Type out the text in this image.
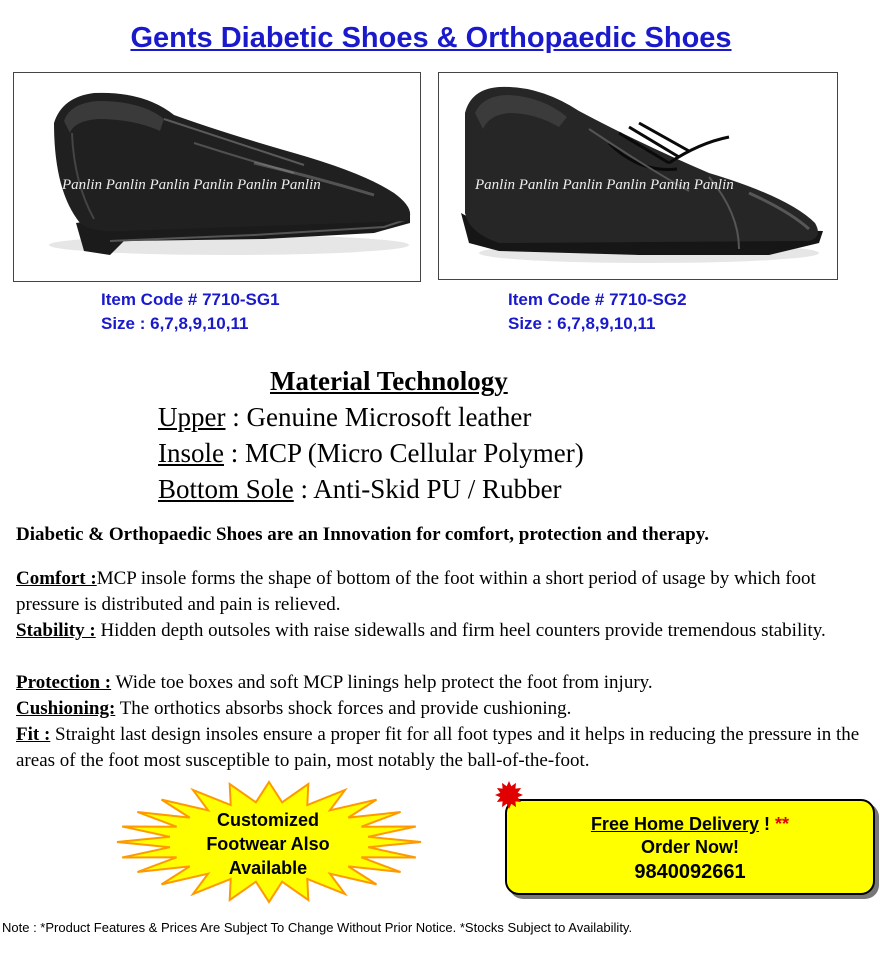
Gents Diabetic Shoes & Orthopaedic Shoes
Panlin Panlin Panlin Panlin Panlin Panlin	Panlin Panlin Panlin Panlin Panlin Panlin
Item Code # 7710-SG1
Size : 6,7,8,9,10,11
Item Code # 7710-SG2
Size : 6,7,8,9,10,11
Material Technology
Upper : Genuine Microsoft leather
Insole : MCP (Micro Cellular Polymer)
Bottom Sole : Anti-Skid PU / Rubber
Diabetic & Orthopaedic Shoes are an Innovation for comfort, protection and therapy.
Comfort :MCP insole forms the shape of bottom of the foot within a short period of usage by which foot pressure is distributed and pain is relieved.
Stability : Hidden depth outsoles with raise sidewalls and firm heel counters provide tremendous stability.
Protection : Wide toe boxes and soft MCP linings help protect the foot from injury.
Cushioning: The orthotics absorbs shock forces and provide cushioning.
Fit : Straight last design insoles ensure a proper fit for all foot types and it helps in reducing the pressure in the areas of the foot most susceptible to pain, most notably the ball-of-the-foot.
Customized
Footwear Also
Available
Free Home Delivery ! **
Order Now!
9840092661
Note : *Product Features & Prices Are Subject To Change Without Prior Notice. *Stocks Subject to Availability.
